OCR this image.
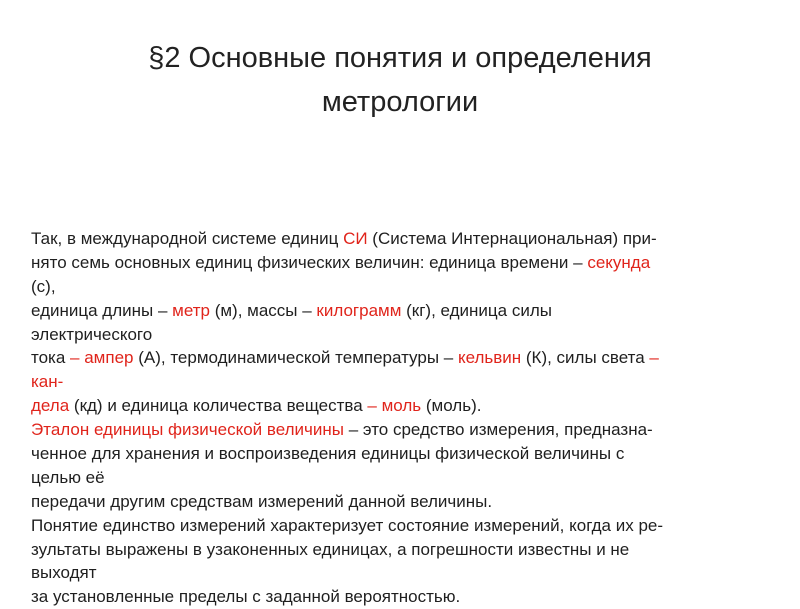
§2 Основные понятия и определения
метрологии
Так, в международной системе единиц СИ (Система Интернациональная) при-
нято семь основных единиц физических величин: единица времени – секунда
(с),
единица длины – метр (м), массы – килограмм (кг), единица силы
электрического
тока – ампер (А), термодинамической температуры – кельвин (К), силы света –
кан-
дела (кд) и единица количества вещества – моль (моль).
Эталон единицы физической величины – это средство измерения, предназна-
ченное для хранения и воспроизведения единицы физической величины с
целью её
передачи другим средствам измерений данной величины.
Понятие единство измерений характеризует состояние измерений, когда их ре-
зультаты выражены в узаконенных единицах, а погрешности известны и не
выходят
за установленные пределы с заданной вероятностью.
